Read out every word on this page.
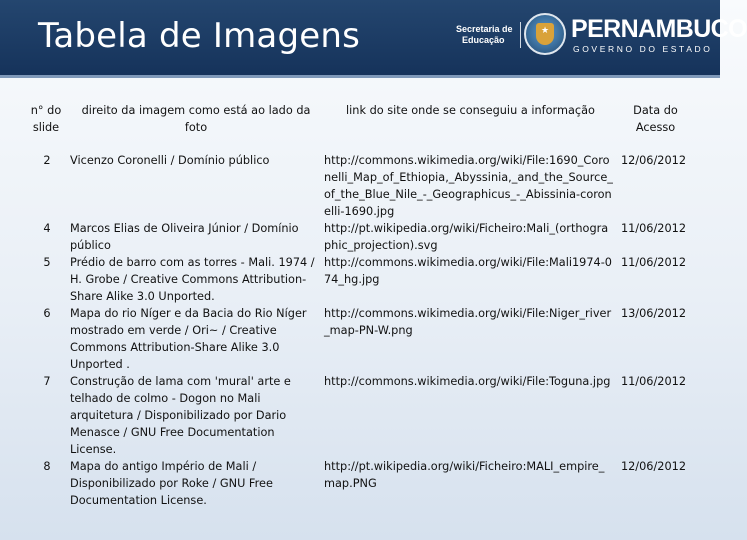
Tabela de Imagens	Secretaria de
Educação
★ PERNAMBUCO
GOVERNO DO ESTADO
n° do slide	direito da imagem como está ao lado da foto	link do site onde se conseguiu a informação	Data do Acesso
2	Vicenzo Coronelli / Domínio público	http://commons.wikimedia.org/wiki/File:1690_Coronelli_Map_of_Ethiopia,_Abyssinia,_and_the_Source_of_the_Blue_Nile_-_Geographicus_-_Abissinia-coronelli-1690.jpg	12/06/2012
4	Marcos Elias de Oliveira Júnior / Domínio público	http://pt.wikipedia.org/wiki/Ficheiro:Mali_(orthographic_projection).svg	11/06/2012
5	Prédio de barro com as torres - Mali. 1974 / H. Grobe / Creative Commons Attribution-Share Alike 3.0 Unported.	http://commons.wikimedia.org/wiki/File:Mali1974-074_hg.jpg	11/06/2012
6	Mapa do rio Níger e da Bacia do Rio Níger mostrado em verde / Ori~ / Creative Commons Attribution-Share Alike 3.0 Unported .	http://commons.wikimedia.org/wiki/File:Niger_river_map-PN-W.png	13/06/2012
7	Construção de lama com 'mural' arte e telhado de colmo - Dogon no Mali arquitetura / Disponibilizado por Dario Menasce / GNU Free Documentation License.	http://commons.wikimedia.org/wiki/File:Toguna.jpg	11/06/2012
8	Mapa do antigo Império de Mali / Disponibilizado por Roke / GNU Free Documentation License.	http://pt.wikipedia.org/wiki/Ficheiro:MALI_empire_map.PNG	12/06/2012
